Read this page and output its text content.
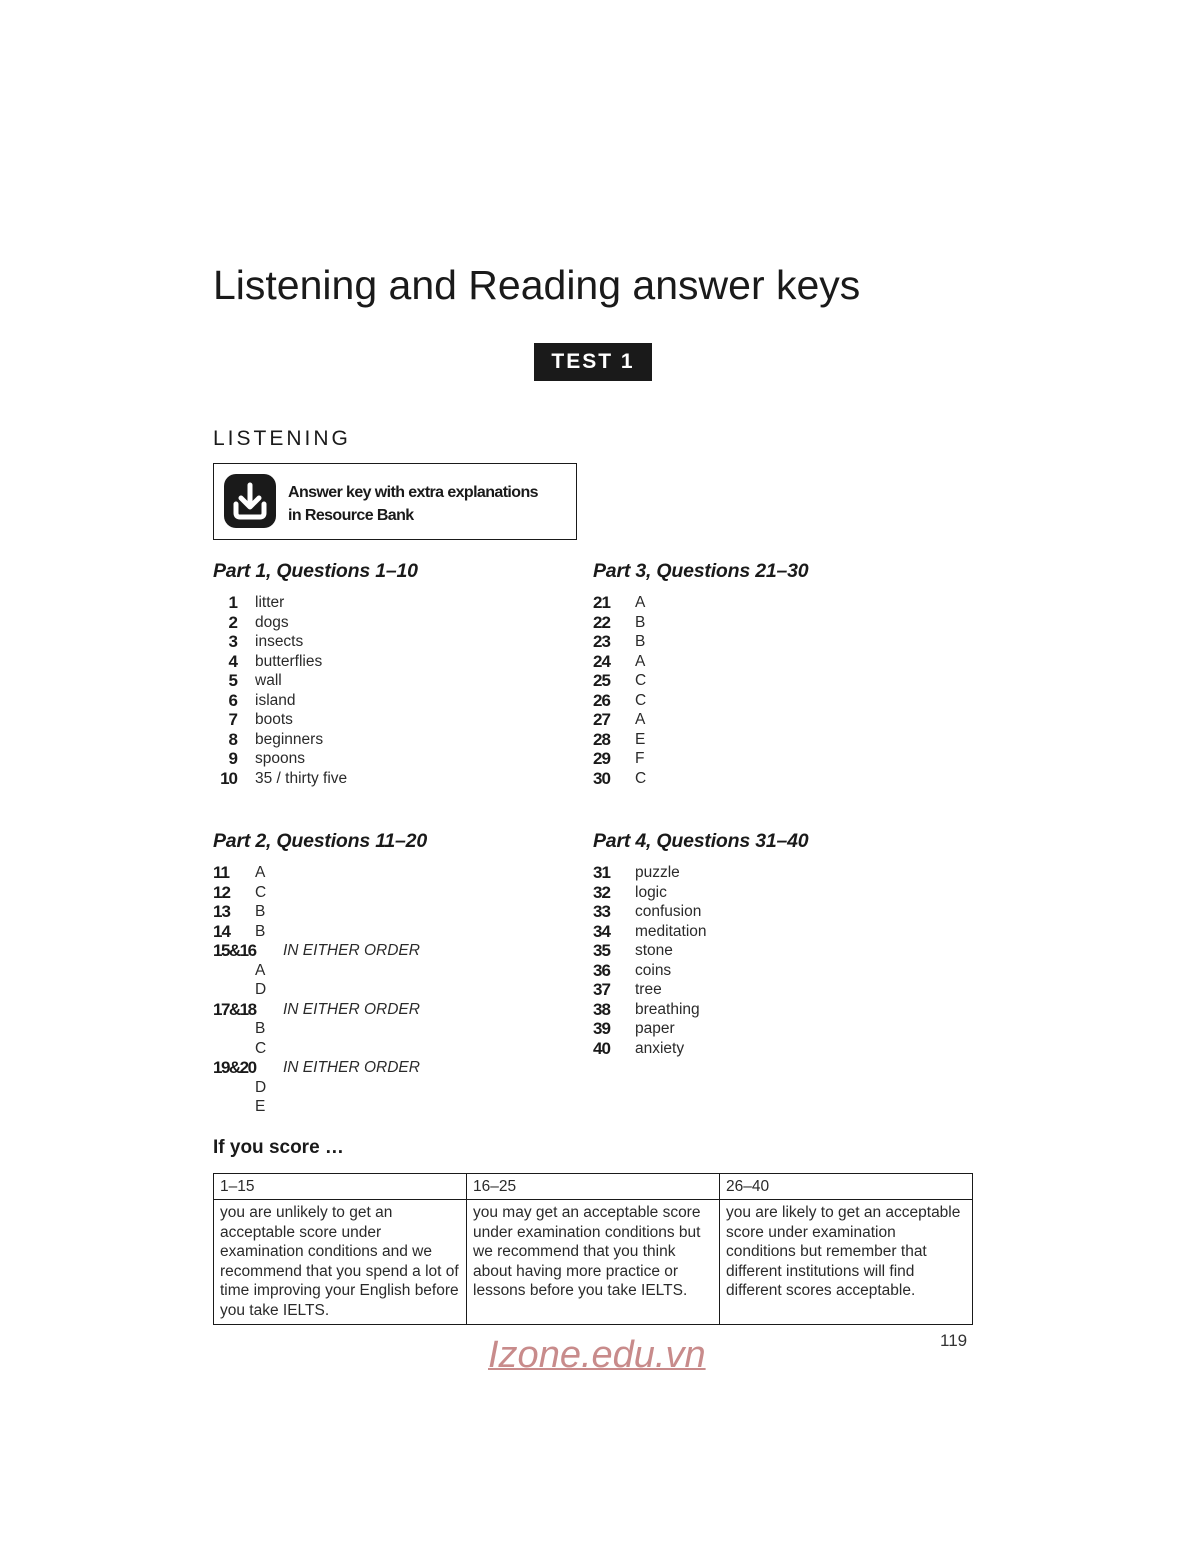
Listening and Reading answer keys
TEST 1
LISTENING
Answer key with extra explanations
in Resource Bank
Part 1, Questions 1–10
1 litter
2 dogs
3 insects
4 butterflies
5 wall
6 island
7 boots
8 beginners
9 spoons
10 35 / thirty five
Part 3, Questions 21–30
21	A
22	B
23	B
24	A
25	C
26	C
27	A
28	E
29	F
30	C
Part 2, Questions 11–20
11	A
12	C
13	B
14	B
15&16	IN EITHER ORDER
A
D
17&18	IN EITHER ORDER
B
C
19&20	IN EITHER ORDER
D
E
Part 4, Questions 31–40
31	puzzle
32	logic
33	confusion
34	meditation
35	stone
36	coins
37	tree
38	breathing
39	paper
40	anxiety
If you score …
1–15	16–25	26–40
you are unlikely to get an acceptable score under examination conditions and we recommend that you spend a lot of time improving your English before you take IELTS.	you may get an acceptable score under examination conditions but we recommend that you think about having more practice or lessons before you take IELTS.	you are likely to get an acceptable score under examination conditions but remember that different institutions will find different scores acceptable.
119
Izone.edu.vn
